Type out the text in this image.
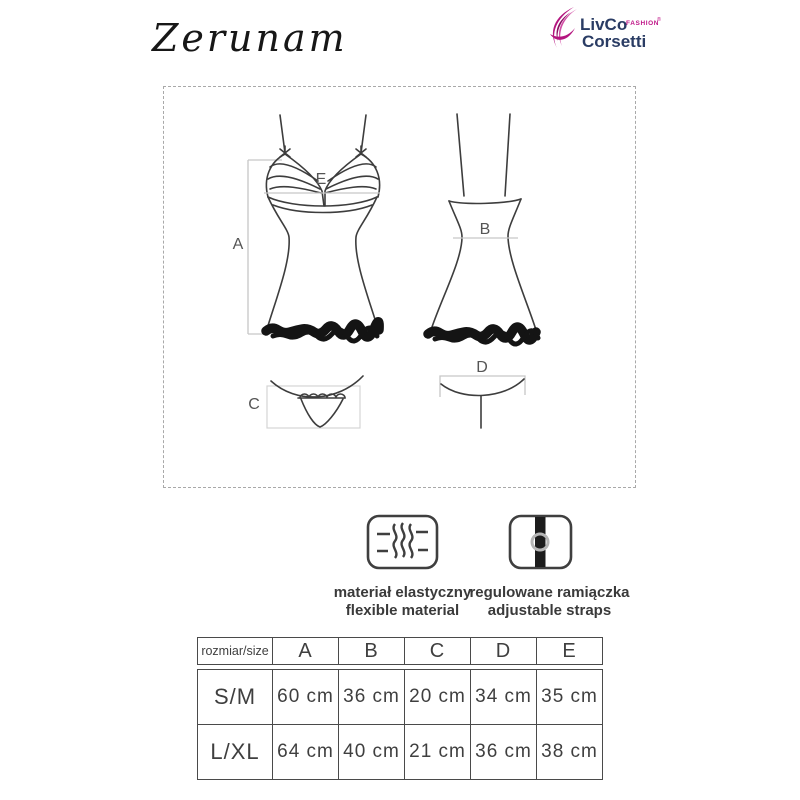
Zerunam	LivCo
FASHION
®
Corsetti
A
E
B
C
D
materiał elastyczny
flexible material
regulowane ramiączka
adjustable straps
rozmiar/size	A	B	C	D	E
S/M	60 cm 36 cm 20 cm 34 cm 35 cm
L/XL 64 cm 40 cm 21 cm 36 cm 38 cm
